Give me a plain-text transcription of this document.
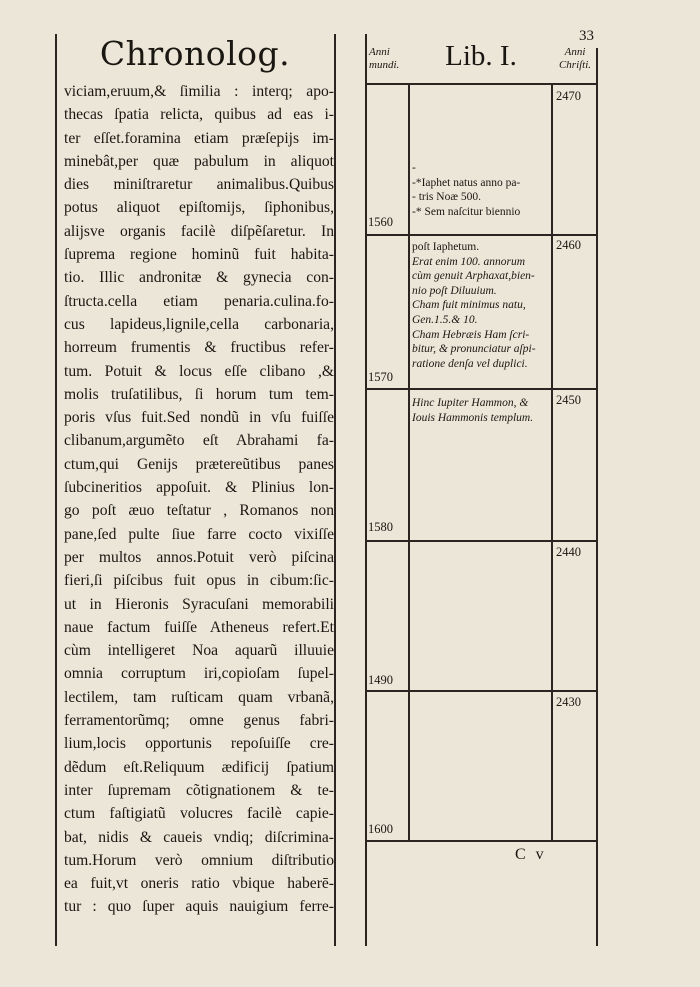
Chronolog.
viciam,eruum,& ſimilia : interq; apo-
thecas ſpatia relicta, quibus ad eas i-
ter eſſet.foramina etiam præſepijs im-
minebât,per quæ pabulum in aliquot
dies miniſtraretur animalibus.Quibus
potus aliquot epiſtomijs, ſiphonibus,
alijsve organis facilè diſpẽſaretur. In
ſuprema regione hominũ fuit habita-
tio. Illic andronitæ & gynecia con-
ſtructa.cella etiam penaria.culina.fo-
cus lapideus,lignile,cella carbonaria,
horreum frumentis & fructibus refer-
tum. Potuit & locus eſſe clibano ,&
molis truſatilibus, ſi horum tum tem-
poris vſus fuit.Sed nondũ in vſu fuiſſe
clibanum,argumẽto eſt Abrahami fa-
ctum,qui Genijs prætereũtibus panes
ſubcineritios appoſuit. & Plinius lon-
go poſt æuo teſtatur , Romanos non
pane,ſed pulte ſiue farre cocto vixiſſe
per multos annos.Potuit verò piſcina
fieri,ſi piſcibus fuit opus in cibum:ſic-
ut in Hieronis Syracuſani memorabili
naue factum fuiſſe Atheneus refert.Et
cùm intelligeret Noa aquarũ illuuie
omnia corruptum iri,copioſam ſupel-
lectilem, tam ruſticam quam vrbanã,
ferramentorũmq; omne genus fabri-
lium,locis opportunis repoſuiſſe cre-
dẽdum eſt.Reliquum ædificij ſpatium
inter ſupremam cõtignationem & te-
ctum faſtigiatũ volucres facilè capie-
bat, nidis & caueis vndiq; diſcrimina-
tum.Horum verò omnium diſtributio
ea fuit,vt oneris ratio vbique haberē-
tur : quo ſuper aquis nauigium ferre-
33
Anni
mundi.	Lib. I.	Anni
Chriſti.
2470
1560
-
-*Iaphet natus anno pa-
- tris Noæ 500.
-* Sem naſcitur biennio
2460
1570
poſt Iaphetum.
Erat enim 100. annorum
cùm genuit Arphaxat,bien-
nio poſt Diluuium.
Cham fuit minimus natu,
Gen.1.5.& 10.
Cham Hebræis Ham ſcri-
bitur, & pronunciatur aſpi-
ratione denſa vel duplici.
2450
1580
Hinc Iupiter Hammon, &
Iouis Hammonis templum.
2440
1490
2430
1600
C v
